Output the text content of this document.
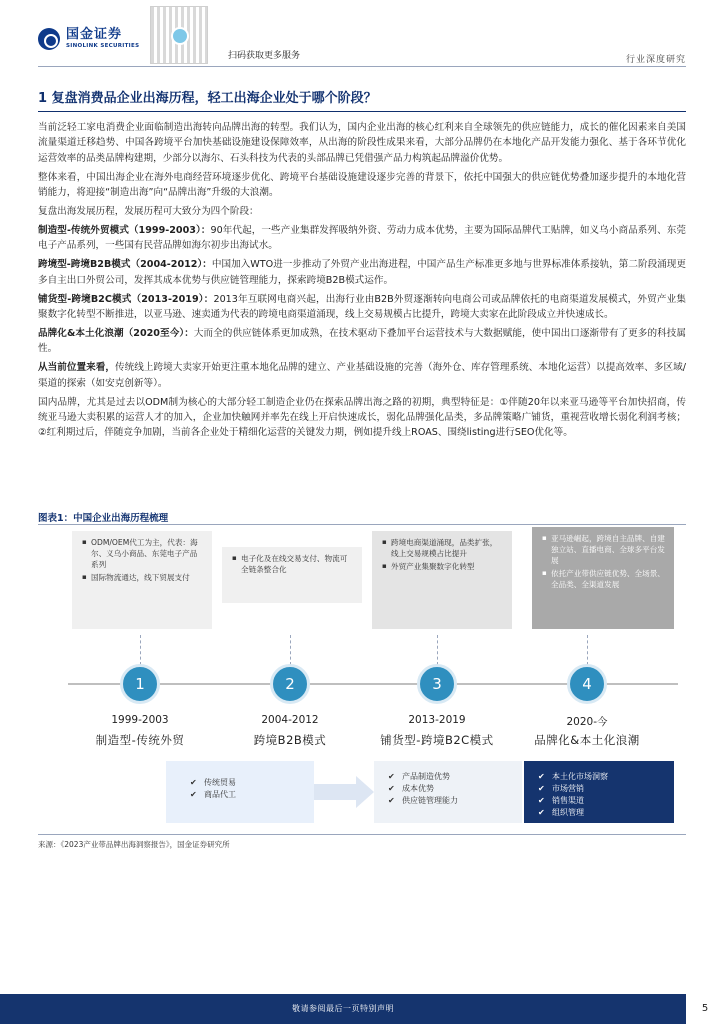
国金证券
SINOLINK SECURITIES
扫码获取更多服务	行业深度研究
1 复盘消费品企业出海历程，轻工出海企业处于哪个阶段？

当前泛轻工家电消费企业面临制造出海转向品牌出海的转型。我们认为，国内企业出海的核心红利来自全球领先的供应链能力，成长的催化因素来自美国流量渠道迁移趋势、中国各跨境平台加快基础设施建设保障效率，从出海的阶段性成果来看，大部分品牌仍在本地化产品开发能力强化、基于各环节优化运营效率的品类品牌构建期，少部分以海尔、石头科技为代表的头部品牌已凭借强产品力构筑起品牌溢价优势。

整体来看，中国出海企业在海外电商经营环境逐步优化、跨境平台基础设施建设逐步完善的背景下，依托中国强大的供应链优势叠加逐步提升的本地化营销能力，将迎接“制造出海”向“品牌出海”升级的大浪潮。

复盘出海发展历程，发展历程可大致分为四个阶段：

制造型-传统外贸模式（1999-2003）：90年代起，一些产业集群发挥吸纳外资、劳动力成本优势，主要为国际品牌代工贴牌，如义乌小商品系列、东莞电子产品系列，一些国有民营品牌如海尔初步出海试水。

跨境型-跨境B2B模式（2004-2012）：中国加入WTO进一步推动了外贸产业出海进程，中国产品生产标准更多地与世界标准体系接轨，第二阶段涌现更多自主出口外贸公司，发挥其成本优势与供应链管理能力，探索跨境B2B模式运作。

铺货型-跨境B2C模式（2013-2019）：2013年互联网电商兴起，出海行业由B2B外贸逐渐转向电商公司或品牌依托的电商渠道发展模式，外贸产业集聚数字化转型不断推进，以亚马逊、速卖通为代表的跨境电商渠道涌现，线上交易规模占比提升，跨境大卖家在此阶段成立并快速成长。

品牌化&本土化浪潮（2020至今）：大而全的供应链体系更加成熟，在技术驱动下叠加平台运营技术与大数据赋能，使中国出口逐渐带有了更多的科技属性。

从当前位置来看，传统线上跨境大卖家开始更注重本地化品牌的建立、产业基础设施的完善（海外仓、库存管理系统、本地化运营）以提高效率、多区域/渠道的探索（如安克创新等）。

国内品牌，尤其是过去以ODM制为核心的大部分轻工制造企业仍在探索品牌出海之路的初期，典型特征是：①伴随20年以来亚马逊等平台加快招商，传统亚马逊大卖积累的运营人才的加入，企业加快触网并率先在线上开启快速成长，弱化品牌强化品类，多品牌策略广铺货，重视营收增长弱化利润考核；②红利期过后，伴随竞争加剧，当前各企业处于精细化运营的关键发力期，例如提升线上ROAS、围绕listing进行SEO优化等。

图表1：中国企业出海历程梳理
▪ ODM/OEM代工为主，代表：海尔、义乌小商品、东莞电子产品系列
▪ 国际物流通达，线下贸展支付
▪ 电子化及在线交易支付、物流可全链条整合化
▪ 跨境电商渠道涌现，品类扩张，线上交易规模占比提升
▪ 外贸产业集聚数字化转型
▪ 亚马逊崛起，跨境自主品牌、自建独立站、直播电商、全球多平台发展
▪ 依托产业带供应链优势、全场景、全品类、全渠道发展
1	2	3	4
1999-2003	2004-2012	2013-2019	2020-今
制造型-传统外贸	跨境B2B模式	铺货型-跨境B2C模式	品牌化&本土化浪潮
✔ 传统贸易
✔ 商品代工
✔ 产品制造优势
✔ 成本优势
✔ 供应链管理能力
✔ 本土化市场洞察
✔ 市场营销
✔ 销售渠道
✔ 组织管理
来源：《2023产业带品牌出海洞察报告》，国金证券研究所
敬请参阅最后一页特别声明	5
